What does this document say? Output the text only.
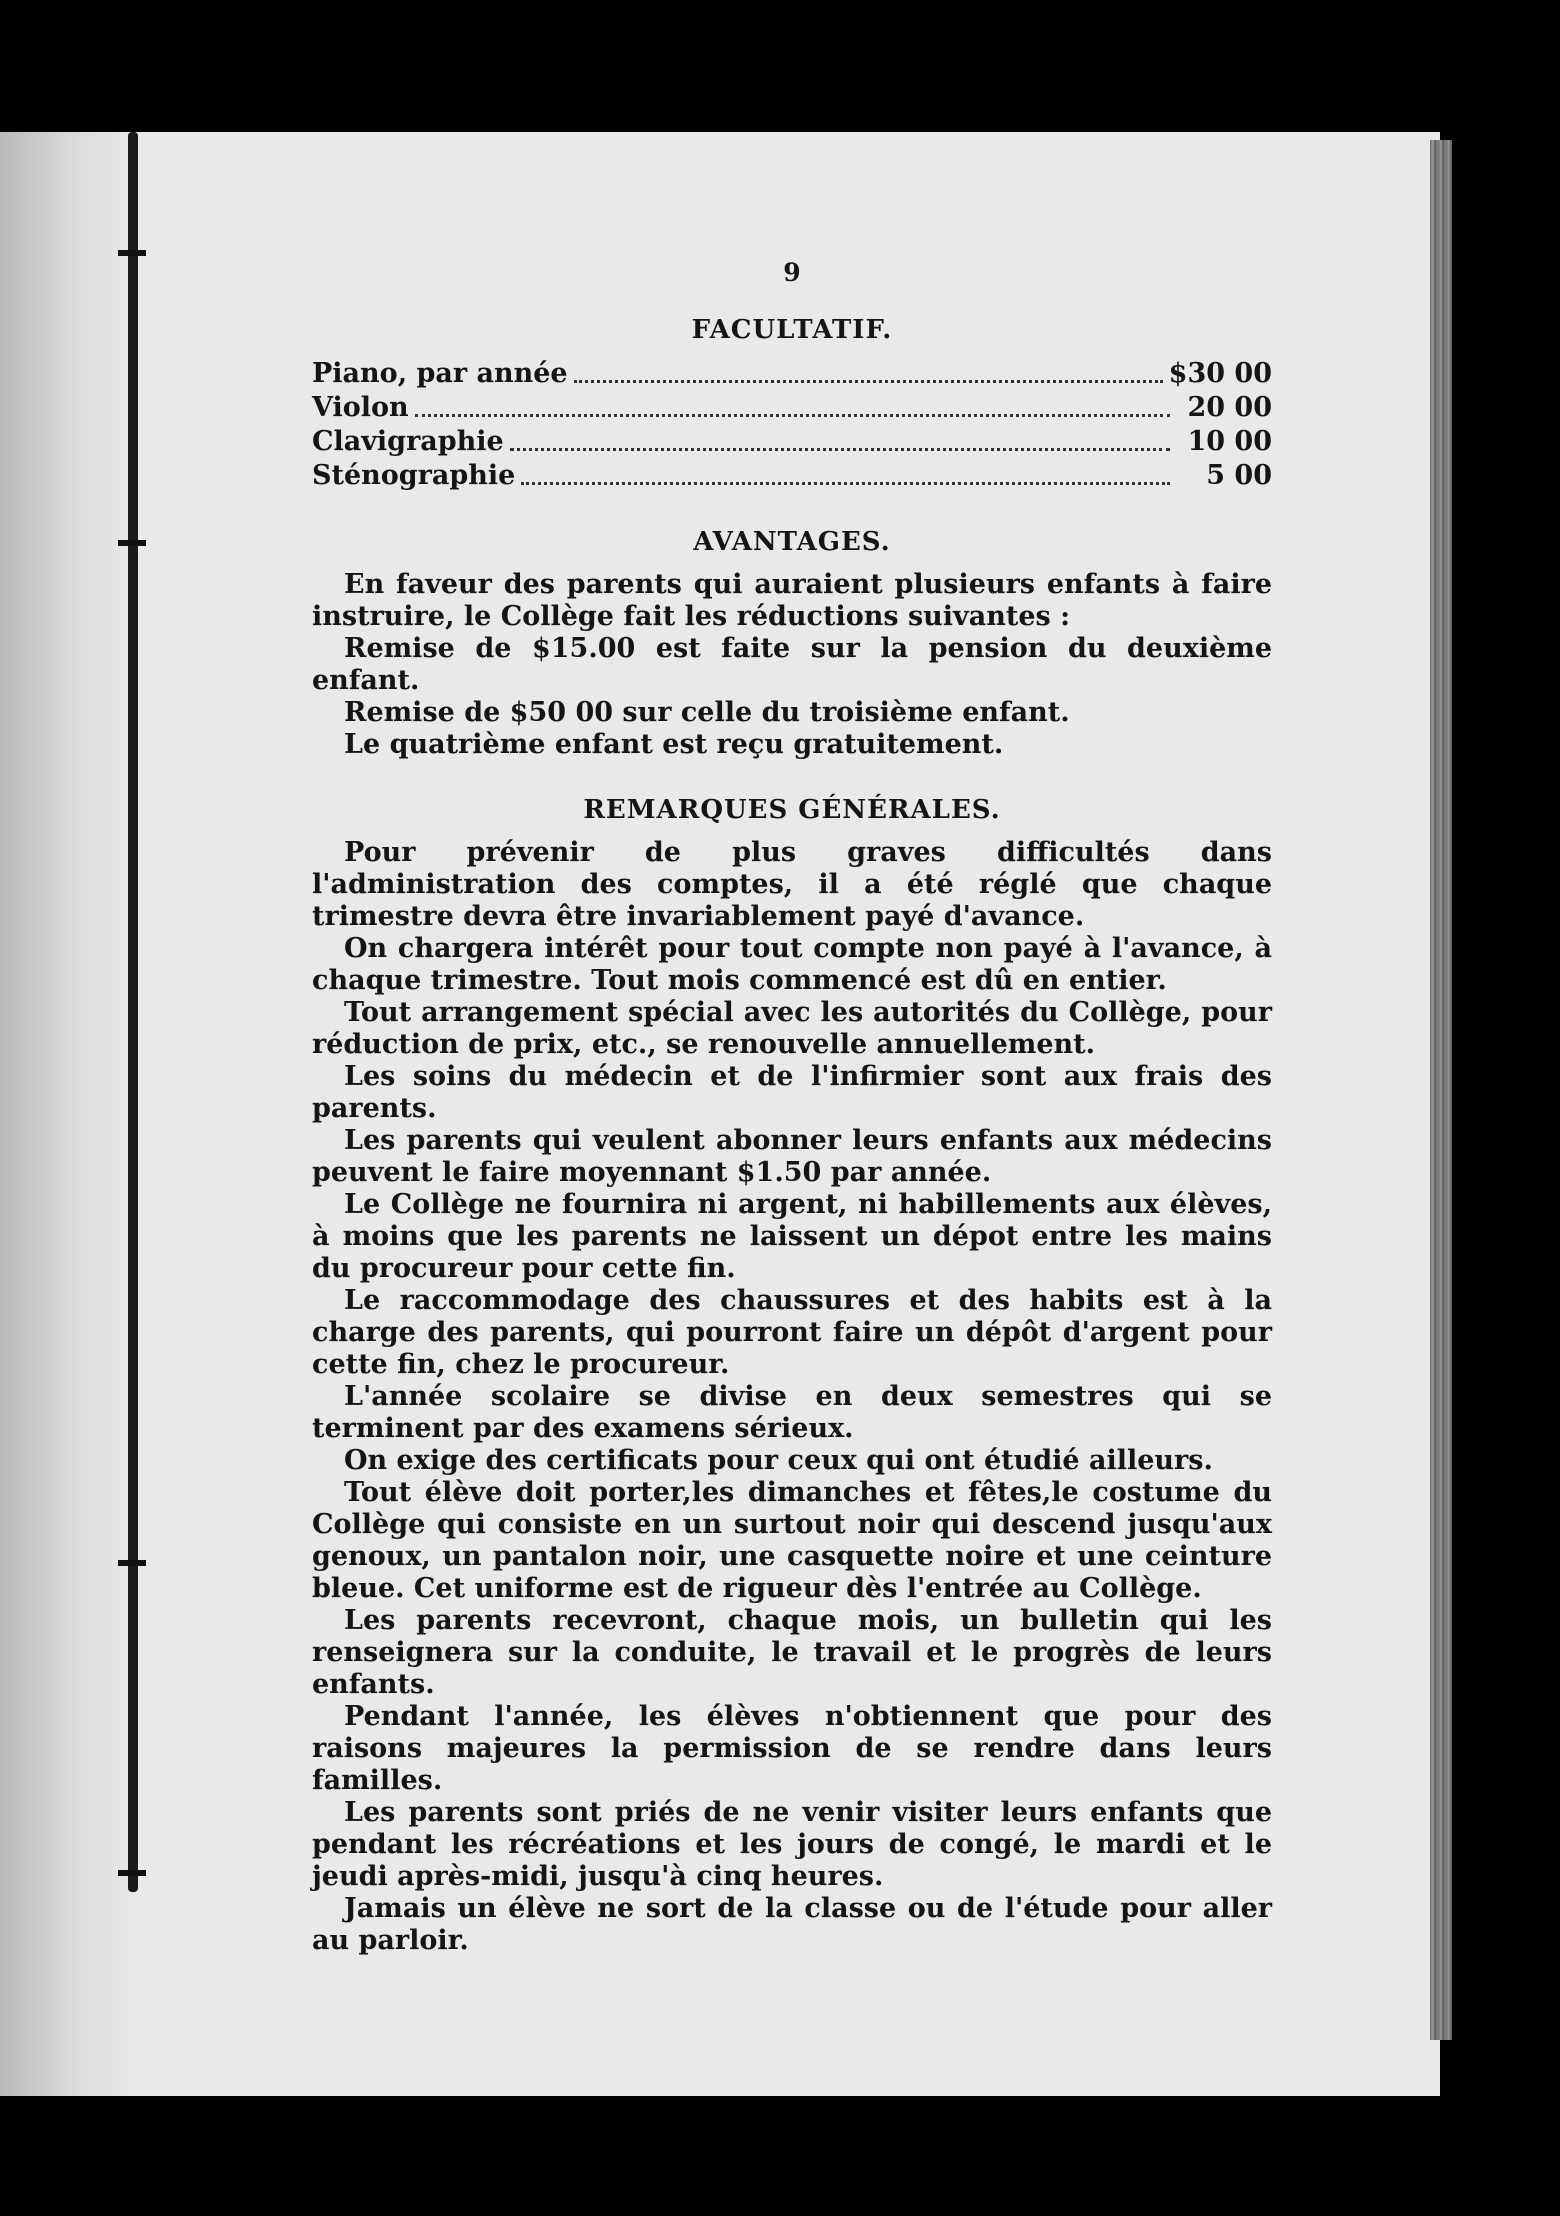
9
FACULTATIF.
Piano, par année	$30 00
Violon	20 00
Clavigraphie	10 00
Sténographie	5 00
AVANTAGES.

En faveur des parents qui auraient plusieurs enfants à faire instruire, le Collège fait les réductions suivantes :

Remise de $15.00 est faite sur la pension du deuxième enfant.

Remise de $50 00 sur celle du troisième enfant.

Le quatrième enfant est reçu gratuitement.

REMARQUES GÉNÉRALES.

Pour prévenir de plus graves difficultés dans l'administration des comptes, il a été réglé que chaque trimestre devra être invariablement payé d'avance.

On chargera intérêt pour tout compte non payé à l'avance, à chaque trimestre. Tout mois commencé est dû en entier.

Tout arrangement spécial avec les autorités du Collège, pour réduction de prix, etc., se renouvelle annuellement.

Les soins du médecin et de l'infirmier sont aux frais des parents.

Les parents qui veulent abonner leurs enfants aux médecins peuvent le faire moyennant $1.50 par année.

Le Collège ne fournira ni argent, ni habillements aux élèves, à moins que les parents ne laissent un dépot entre les mains du procureur pour cette fin.

Le raccommodage des chaussures et des habits est à la charge des parents, qui pourront faire un dépôt d'argent pour cette fin, chez le procureur.

L'année scolaire se divise en deux semestres qui se terminent par des examens sérieux.

On exige des certificats pour ceux qui ont étudié ailleurs.

Tout élève doit porter,les dimanches et fêtes,le costume du Collège qui consiste en un surtout noir qui descend jusqu'aux genoux, un pantalon noir, une casquette noire et une ceinture bleue. Cet uniforme est de rigueur dès l'entrée au Collège.

Les parents recevront, chaque mois, un bulletin qui les renseignera sur la conduite, le travail et le progrès de leurs enfants.

Pendant l'année, les élèves n'obtiennent que pour des raisons majeures la permission de se rendre dans leurs familles.

Les parents sont priés de ne venir visiter leurs enfants que pendant les récréations et les jours de congé, le mardi et le jeudi après-midi, jusqu'à cinq heures.

Jamais un élève ne sort de la classe ou de l'étude pour aller au parloir.
